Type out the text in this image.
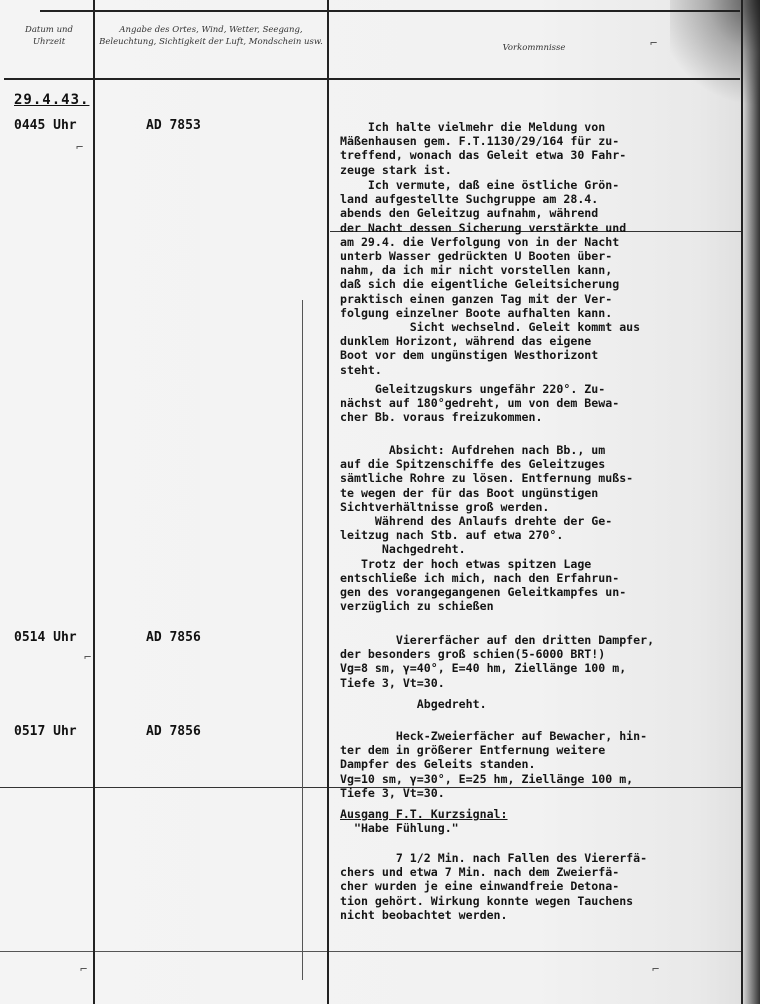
Datum und Uhrzeit
Angabe des Ortes, Wind, Wetter, Seegang, Beleuchtung, Sichtigkeit der Luft, Mondschein usw.
Vorkommnisse
29.4.43.
0445 Uhr	AD 7853	Ich halte vielmehr die Meldung von
Mäßenhausen gem. F.T.1130/29/164 für zu-
treffend, wonach das Geleit etwa 30 Fahr-
zeuge stark ist.
Ich vermute, daß eine östliche Grön-
land aufgestellte Suchgruppe am 28.4.
abends den Geleitzug aufnahm, während
der Nacht dessen Sicherung verstärkte und
am 29.4. die Verfolgung von in der Nacht
unterb Wasser gedrückten U Booten über-
nahm, da ich mir nicht vorstellen kann,
daß sich die eigentliche Geleitsicherung
praktisch einen ganzen Tag mit der Ver-
folgung einzelner Boote aufhalten kann.
Sicht wechselnd. Geleit kommt aus
dunklem Horizont, während das eigene
Boot vor dem ungünstigen Westhorizont
steht.
Geleitzugskurs ungefähr 220°. Zu-
nächst auf 180°gedreht, um von dem Bewa-
cher Bb. voraus freizukommen.
Absicht: Aufdrehen nach Bb., um
auf die Spitzenschiffe des Geleitzuges
sämtliche Rohre zu lösen. Entfernung mußs-
te wegen der für das Boot ungünstigen
Sichtverhältnisse groß werden.
Während des Anlaufs drehte der Ge-
leitzug nach Stb. auf etwa 270°.
Nachgedreht.
Trotz der hoch etwas spitzen Lage
entschließe ich mich, nach den Erfahrun-
gen des vorangegangenen Geleitkampfes un-
verzüglich zu schießen
0514 Uhr	AD 7856	Viererfächer auf den dritten Dampfer,
der besonders groß schien(5-6000 BRT!)
Vg=8 sm, γ=40°, E=40 hm, Ziellänge 100 m,
Tiefe 3, Vt=30.
Abgedreht.
0517 Uhr	AD 7856	Heck-Zweierfächer auf Bewacher, hin-
ter dem in größerer Entfernung weitere
Dampfer des Geleits standen.
Vg=10 sm, γ=30°, E=25 hm, Ziellänge 100 m,
Tiefe 3, Vt=30.
Ausgang F.T. Kurzsignal:
"Habe Fühlung."
7 1/2 Min. nach Fallen des Viererfä-
chers und etwa 7 Min. nach dem Zweierfä-
cher wurden je eine einwandfreie Detona-
tion gehört. Wirkung konnte wegen Tauchens
nicht beobachtet werden.
⌐
⌐
⌐	⌐
⌐
